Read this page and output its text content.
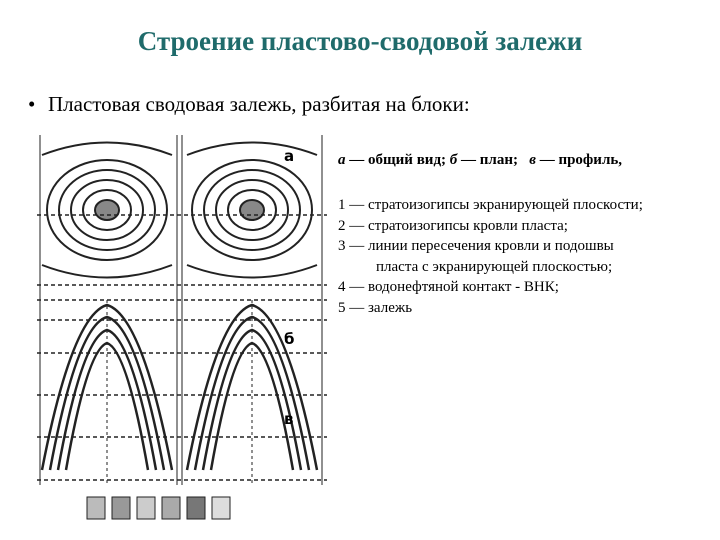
Строение пластово-сводовой залежи
• Пластовая сводовая залежь, разбитая на блоки:
а
б
в
а — общий вид; б — план;   в — профиль,
1 — стратоизогипсы экранирующей плоскости;
2 — стратоизогипсы кровли пласта;
3 — линии пересечения кровли и подошвы
пласта с экранирующей плоскостью;
4 — водонефтяной контакт - ВНК;
5 — залежь
